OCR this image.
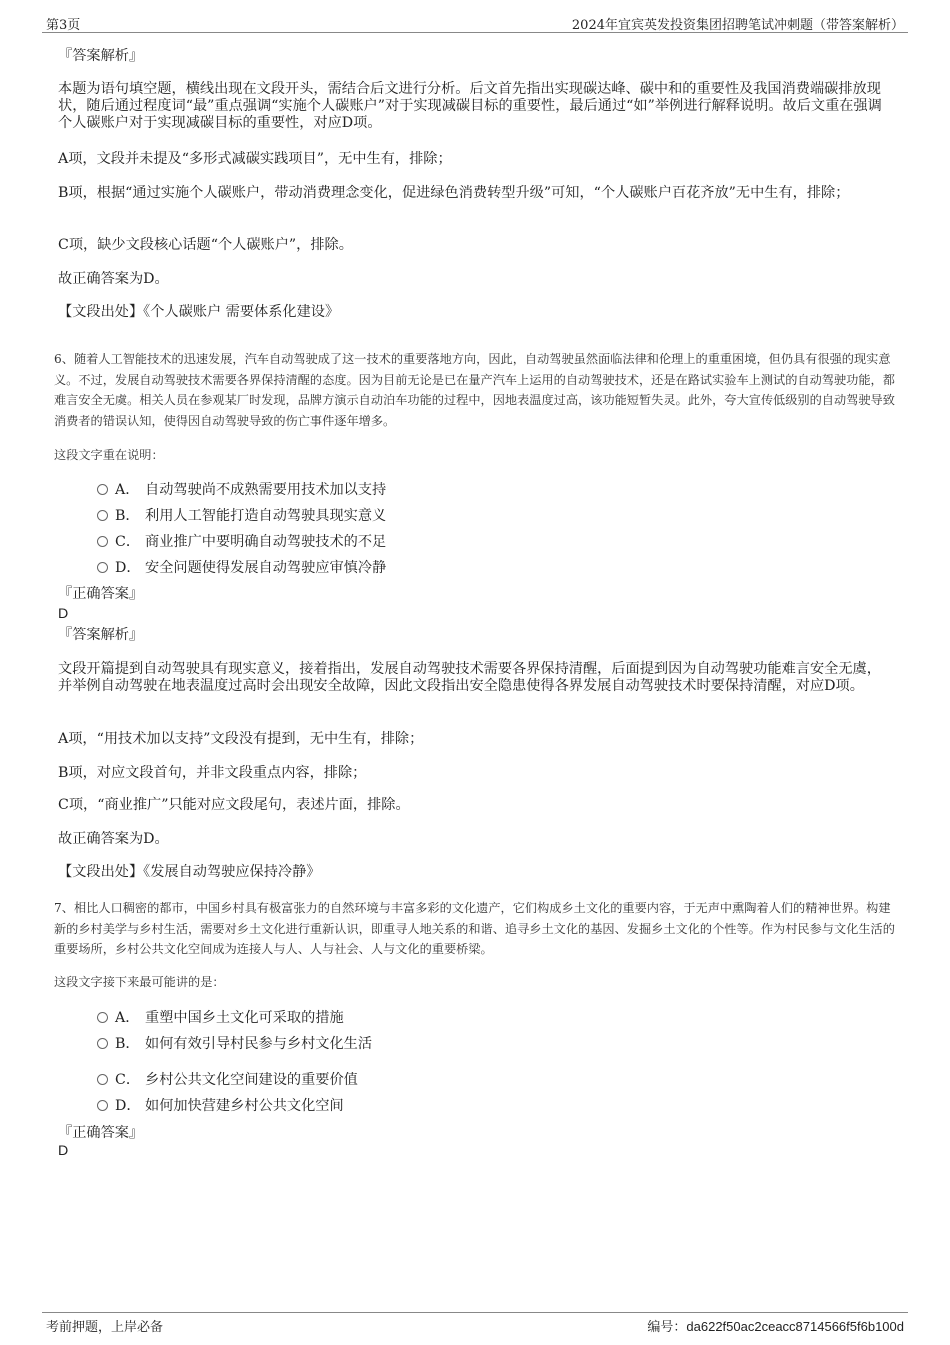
第3页	2024年宜宾英发投资集团招聘笔试冲刺题（带答案解析）
『答案解析』
本题为语句填空题，横线出现在文段开头，需结合后文进行分析。后文首先指出实现碳达峰、碳中和的重要性及我国消费端碳排放现状，随后通过程度词“最”重点强调“实施个人碳账户”对于实现减碳目标的重要性，最后通过“如”举例进行解释说明。故后文重在强调个人碳账户对于实现减碳目标的重要性，对应D项。
A项，文段并未提及“多形式减碳实践项目”，无中生有，排除；
B项，根据“通过实施个人碳账户，带动消费理念变化，促进绿色消费转型升级”可知，“个人碳账户百花齐放”无中生有，排除；
C项，缺少文段核心话题“个人碳账户”，排除。
故正确答案为D。
【文段出处】《个人碳账户 需要体系化建设》
6、随着人工智能技术的迅速发展，汽车自动驾驶成了这一技术的重要落地方向，因此，自动驾驶虽然面临法律和伦理上的重重困境，但仍具有很强的现实意义。不过，发展自动驾驶技术需要各界保持清醒的态度。因为目前无论是已在量产汽车上运用的自动驾驶技术，还是在路试实验车上测试的自动驾驶功能，都难言安全无虞。相关人员在参观某厂时发现，品牌方演示自动泊车功能的过程中，因地表温度过高，该功能短暂失灵。此外，夸大宣传低级别的自动驾驶导致消费者的错误认知，使得因自动驾驶导致的伤亡事件逐年增多。
这段文字重在说明：
A． 自动驾驶尚不成熟需要用技术加以支持
B． 利用人工智能打造自动驾驶具现实意义
C． 商业推广中要明确自动驾驶技术的不足
D． 安全问题使得发展自动驾驶应审慎冷静
『正确答案』
D
『答案解析』
文段开篇提到自动驾驶具有现实意义，接着指出，发展自动驾驶技术需要各界保持清醒，后面提到因为自动驾驶功能难言安全无虞，并举例自动驾驶在地表温度过高时会出现安全故障，因此文段指出安全隐患使得各界发展自动驾驶技术时要保持清醒，对应D项。
A项，“用技术加以支持”文段没有提到，无中生有，排除；
B项，对应文段首句，并非文段重点内容，排除；
C项，“商业推广”只能对应文段尾句，表述片面，排除。
故正确答案为D。
【文段出处】《发展自动驾驶应保持冷静》
7、相比人口稠密的都市，中国乡村具有极富张力的自然环境与丰富多彩的文化遗产，它们构成乡土文化的重要内容，于无声中熏陶着人们的精神世界。构建新的乡村美学与乡村生活，需要对乡土文化进行重新认识，即重寻人地关系的和谐、追寻乡土文化的基因、发掘乡土文化的个性等。作为村民参与文化生活的重要场所，乡村公共文化空间成为连接人与人、人与社会、人与文化的重要桥梁。
这段文字接下来最可能讲的是：
A． 重塑中国乡土文化可采取的措施
B． 如何有效引导村民参与乡村文化生活
C． 乡村公共文化空间建设的重要价值
D． 如何加快营建乡村公共文化空间
『正确答案』
D
考前押题，上岸必备	编号：da622f50ac2ceacc8714566f5f6b100d
